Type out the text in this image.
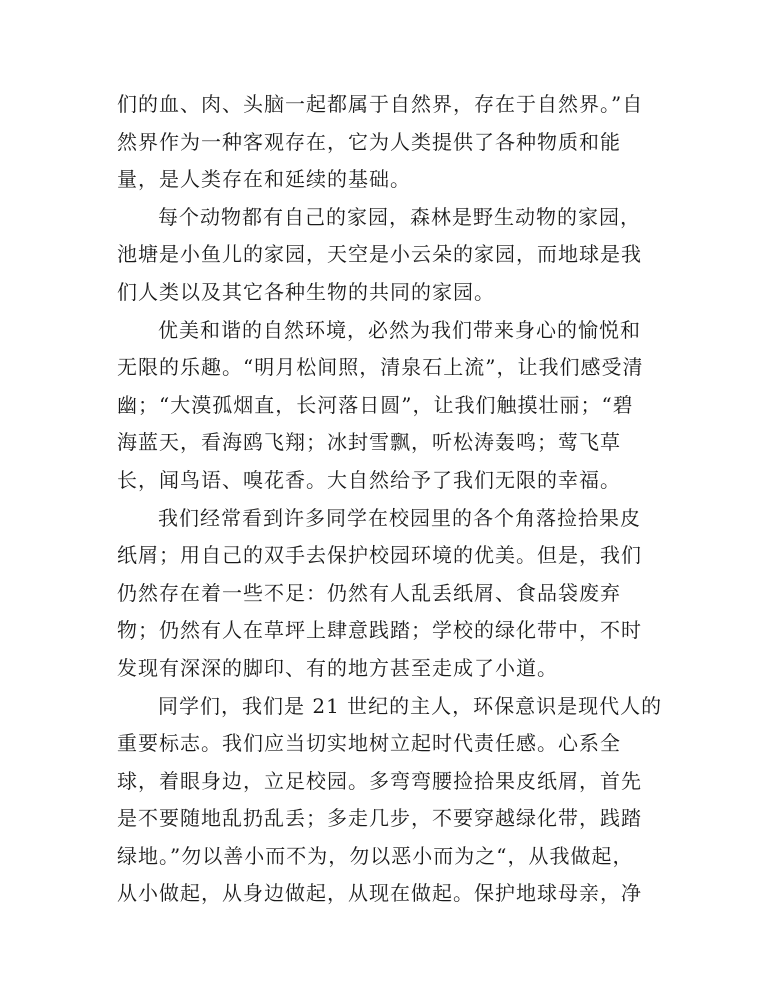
们的血、肉、头脑一起都属于自然界，存在于自然界。”自
然界作为一种客观存在，它为人类提供了各种物质和能
量，是人类存在和延续的基础。
每个动物都有自己的家园，森林是野生动物的家园，
池塘是小鱼儿的家园，天空是小云朵的家园，而地球是我
们人类以及其它各种生物的共同的家园。
优美和谐的自然环境，必然为我们带来身心的愉悦和
无限的乐趣。“明月松间照，清泉石上流”，让我们感受清
幽；“大漠孤烟直，长河落日圆”，让我们触摸壮丽；“碧
海蓝天，看海鸥飞翔；冰封雪飘，听松涛轰鸣；莺飞草
长，闻鸟语、嗅花香。大自然给予了我们无限的幸福。
我们经常看到许多同学在校园里的各个角落捡拾果皮
纸屑；用自己的双手去保护校园环境的优美。但是，我们
仍然存在着一些不足：仍然有人乱丢纸屑、食品袋废弃
物；仍然有人在草坪上肆意践踏；学校的绿化带中，不时
发现有深深的脚印、有的地方甚至走成了小道。
同学们，我们是 21 世纪的主人，环保意识是现代人的
重要标志。我们应当切实地树立起时代责任感。心系全
球，着眼身边，立足校园。多弯弯腰捡拾果皮纸屑，首先
是不要随地乱扔乱丢；多走几步，不要穿越绿化带，践踏
绿地。”勿以善小而不为，勿以恶小而为之“，从我做起，
从小做起，从身边做起，从现在做起。保护地球母亲，净
